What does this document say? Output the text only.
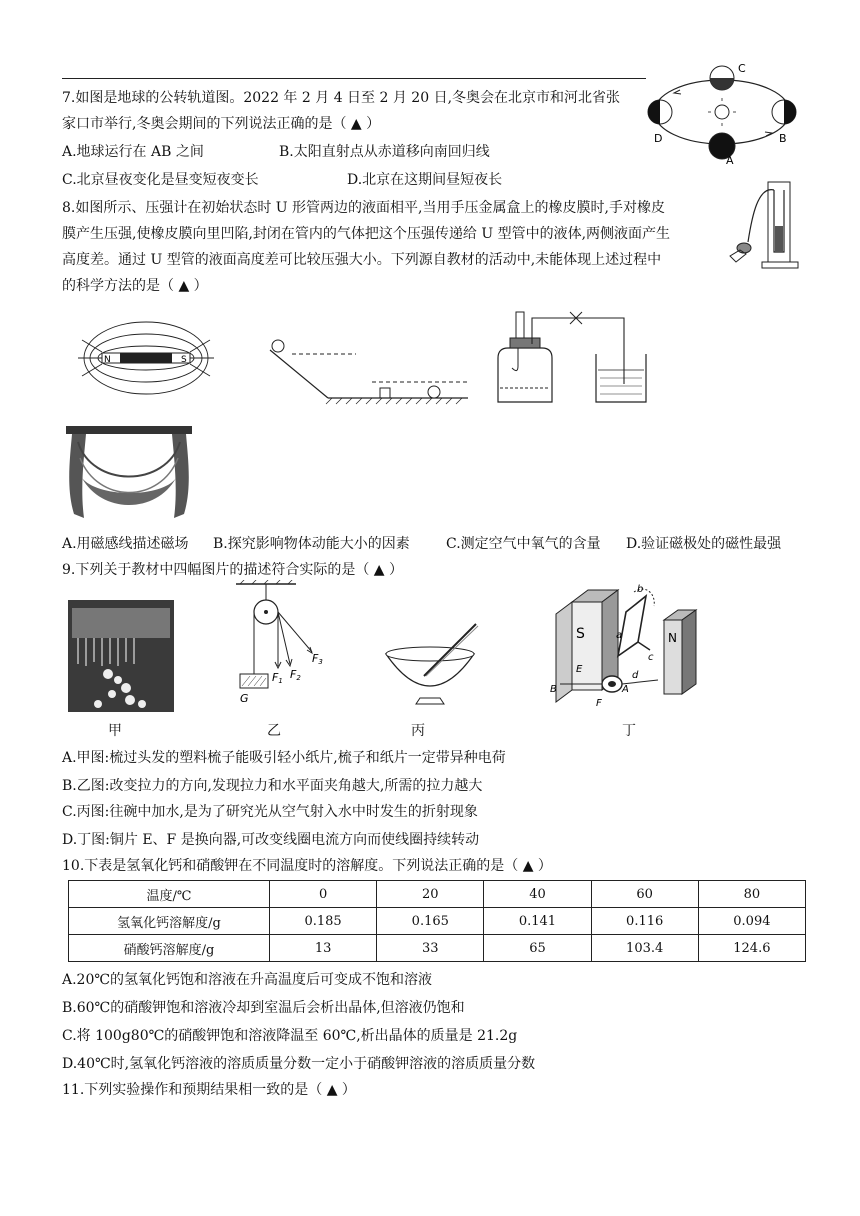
7.如图是地球的公转轨道图。2022 年 2 月 4 日至 2 月 20 日,冬奥会在北京市和河北省张
家口市举行,冬奥会期间的下列说法正确的是（ ▲ ）
A.地球运行在 AB 之间	B.太阳直射点从赤道移向南回归线
C.北京昼夜变化是昼变短夜变长	D.北京在这期间昼短夜长
C
A
D	B
8.如图所示、压强计在初始状态时 U 形管两边的液面相平,当用手压金属盒上的橡皮膜时,手对橡皮
膜产生压强,使橡皮膜向里凹陷,封闭在管内的气体把这个压强传递给 U 型管中的液体,两侧液面产生
高度差。通过 U 型管的液面高度差可比较压强大小。下列源自教材的活动中,未能体现上述过程中
的科学方法的是（ ▲ ）
N	S
A.用磁感线描述磁场 B.探究影响物体动能大小的因素	C.测定空气中氧气的含量 D.验证磁极处的磁性最强
9.下列关于教材中四幅图片的描述符合实际的是（ ▲ ）
F1 F2
F3
G
S	N
a
b
c
d
E
F
A
B
甲	乙	丙	丁
A.甲图:梳过头发的塑料梳子能吸引轻小纸片,梳子和纸片一定带异种电荷
B.乙图:改变拉力的方向,发现拉力和水平面夹角越大,所需的拉力越大
C.丙图:往碗中加水,是为了研究光从空气射入水中时发生的折射现象
D.丁图:铜片 E、F 是换向器,可改变线圈电流方向而使线圈持续转动
10.下表是氢氧化钙和硝酸钾在不同温度时的溶解度。下列说法正确的是（ ▲ ）
温度/℃	0	20	40	60	80
氢氧化钙溶解度/g	0.185	0.165	0.141	0.116	0.094
硝酸钙溶解度/g	13	33	65	103.4	124.6
A.20℃的氢氧化钙饱和溶液在升高温度后可变成不饱和溶液
B.60℃的硝酸钾饱和溶液冷却到室温后会析出晶体,但溶液仍饱和
C.将 100g80℃的硝酸钾饱和溶液降温至 60℃,析出晶体的质量是 21.2g
D.40℃时,氢氧化钙溶液的溶质质量分数一定小于硝酸钾溶液的溶质质量分数
11.下列实验操作和预期结果相一致的是（ ▲ ）
